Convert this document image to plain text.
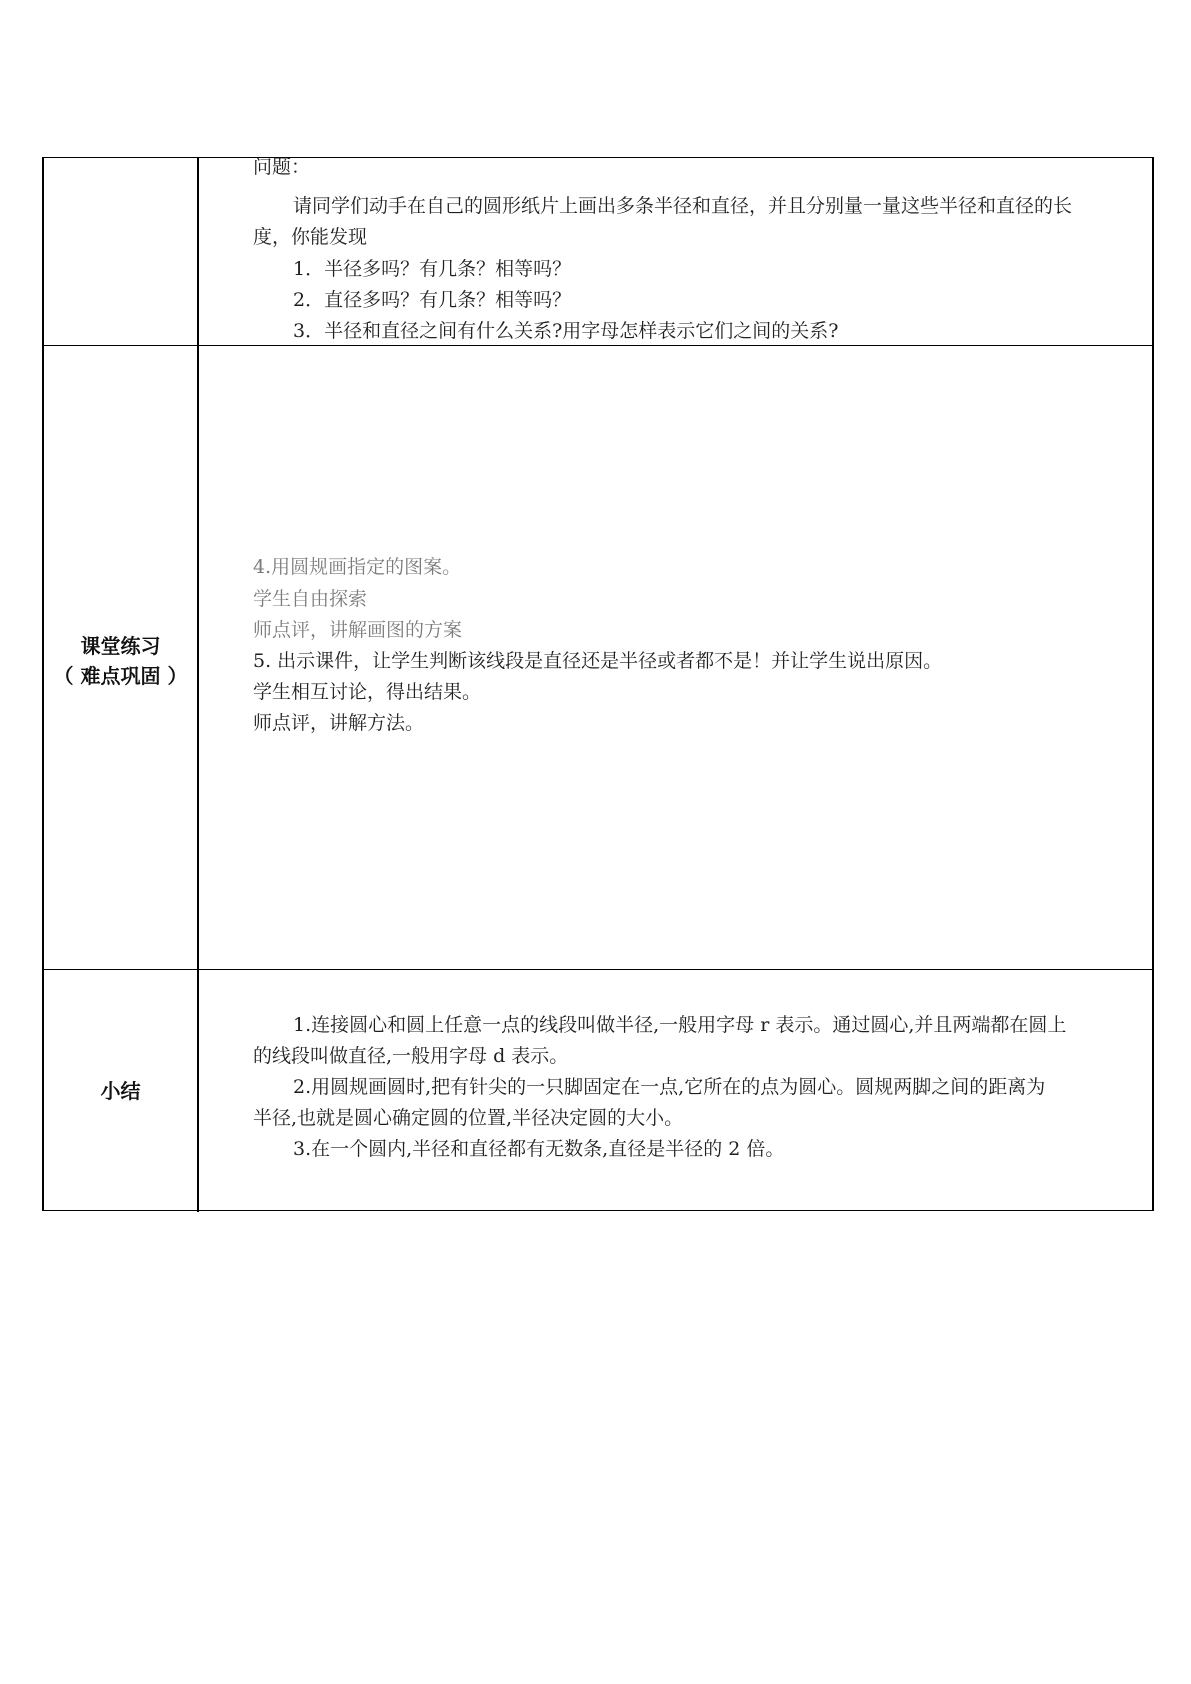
问题：
请同学们动手在自己的圆形纸片上画出多条半径和直径，并且分别量一量这些半径和直径的长
度，你能发现
1．半径多吗？有几条？相等吗？
2．直径多吗？有几条？相等吗？
3．半径和直径之间有什么关系?用字母怎样表示它们之间的关系?
课堂练习
（ 难点巩固 ）
4.用圆规画指定的图案。
学生自由探索
师点评，讲解画图的方案
5. 出示课件，让学生判断该线段是直径还是半径或者都不是！并让学生说出原因。
学生相互讨论，得出结果。
师点评，讲解方法。
小结
1.连接圆心和圆上任意一点的线段叫做半径,一般用字母 r 表示。通过圆心,并且两端都在圆上
的线段叫做直径,一般用字母 d 表示。
2.用圆规画圆时,把有针尖的一只脚固定在一点,它所在的点为圆心。圆规两脚之间的距离为
半径,也就是圆心确定圆的位置,半径决定圆的大小。
3.在一个圆内,半径和直径都有无数条,直径是半径的 2 倍。
